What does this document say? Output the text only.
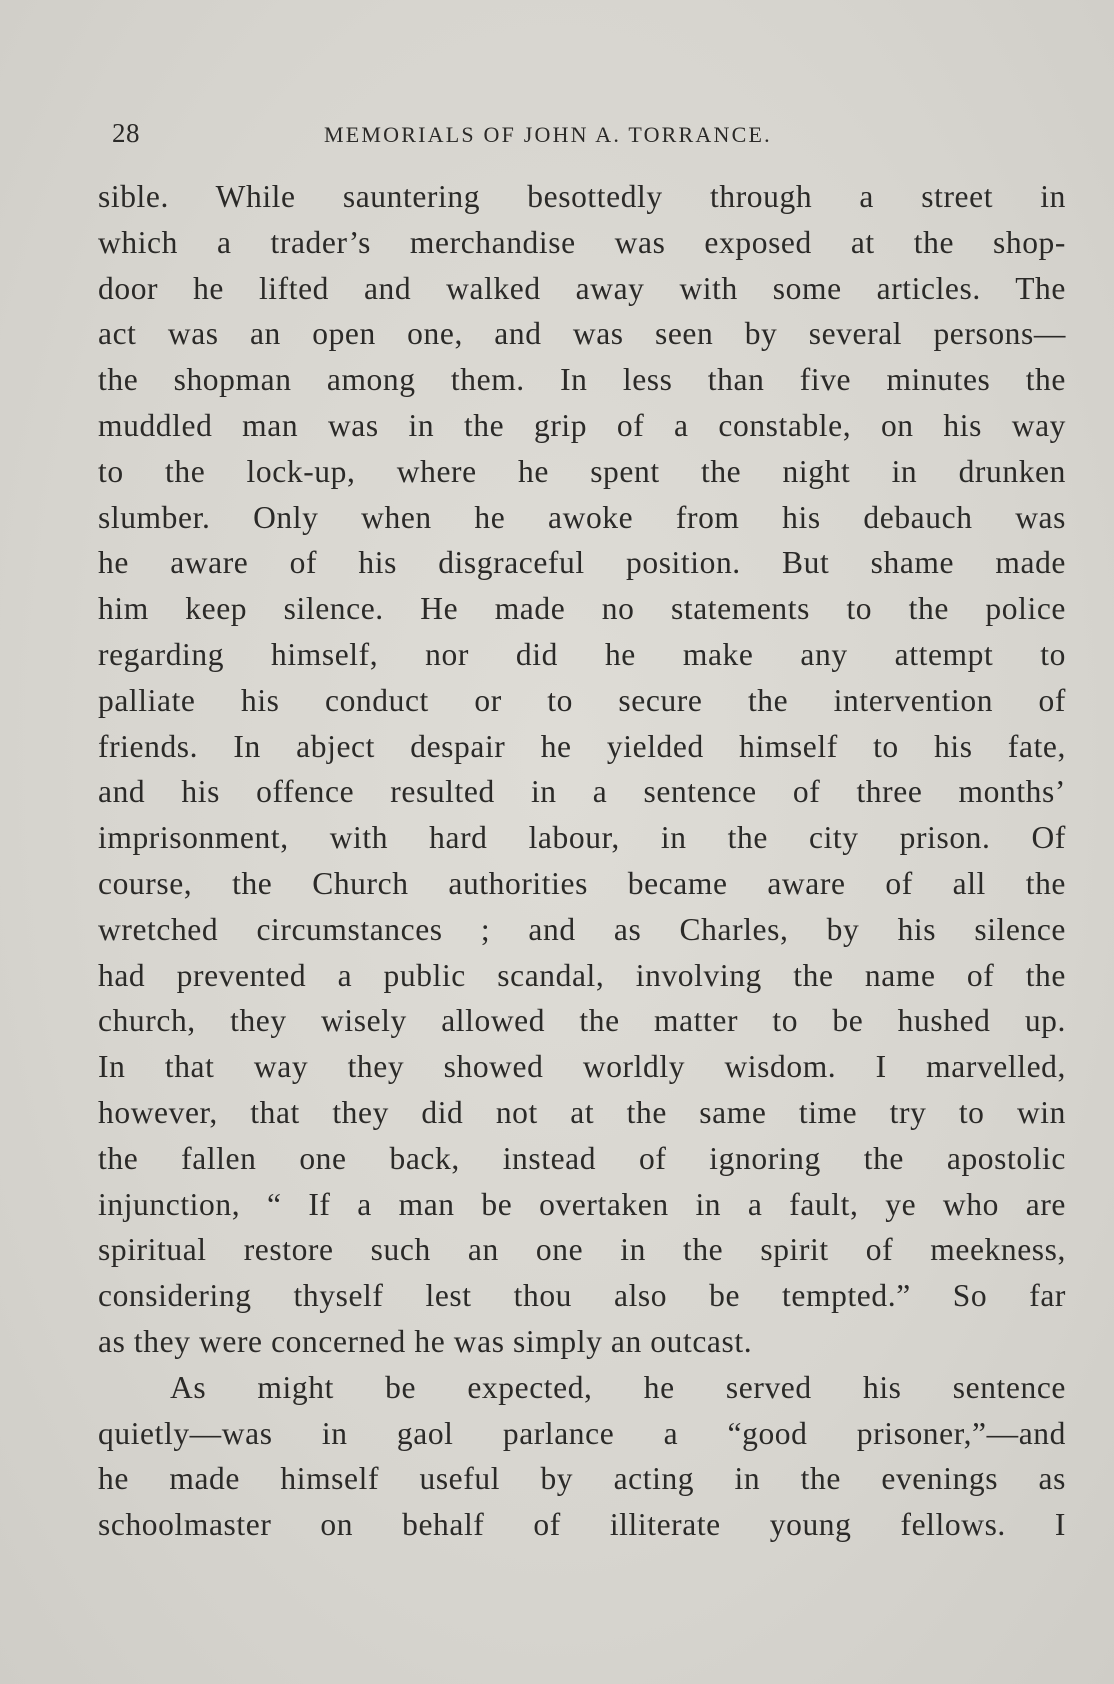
28	MEMORIALS OF JOHN A. TORRANCE.
sible. While sauntering besottedly through a street in
which a trader’s merchandise was exposed at the shop-
door he lifted and walked away with some articles. The
act was an open one, and was seen by several persons—
the shopman among them. In less than five minutes the
muddled man was in the grip of a constable, on his way
to the lock-up, where he spent the night in drunken
slumber. Only when he awoke from his debauch was
he aware of his disgraceful position. But shame made
him keep silence. He made no statements to the police
regarding himself, nor did he make any attempt to
palliate his conduct or to secure the intervention of
friends. In abject despair he yielded himself to his fate,
and his offence resulted in a sentence of three months’
imprisonment, with hard labour, in the city prison. Of
course, the Church authorities became aware of all the
wretched circumstances ; and as Charles, by his silence
had prevented a public scandal, involving the name of the
church, they wisely allowed the matter to be hushed up.
In that way they showed worldly wisdom. I marvelled,
however, that they did not at the same time try to win
the fallen one back, instead of ignoring the apostolic
injunction, “ If a man be overtaken in a fault, ye who are
spiritual restore such an one in the spirit of meekness,
considering thyself lest thou also be tempted.” So far
as they were concerned he was simply an outcast.
As might be expected, he served his sentence
quietly—was in gaol parlance a “good prisoner,”—and
he made himself useful by acting in the evenings as
schoolmaster on behalf of illiterate young fellows. I
